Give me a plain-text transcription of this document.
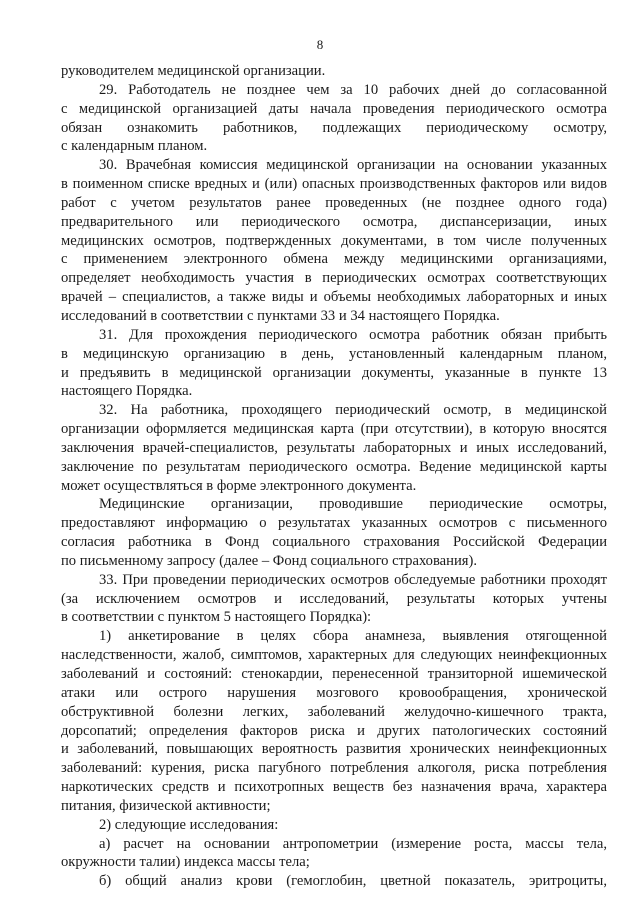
8

руководителем медицинской организации.

29. Работодатель не позднее чем за 10 рабочих дней до согласованной

с медицинской организацией даты начала проведения периодического осмотра

обязан ознакомить работников, подлежащих периодическому осмотру,

с календарным планом.

30. Врачебная комиссия медицинской организации на основании указанных

в поименном списке вредных и (или) опасных производственных факторов или видов

работ с учетом результатов ранее проведенных (не позднее одного года)

предварительного или периодического осмотра, диспансеризации, иных

медицинских осмотров, подтвержденных документами, в том числе полученных

с применением электронного обмена между медицинскими организациями,

определяет необходимость участия в периодических осмотрах соответствующих

врачей – специалистов, а также виды и объемы необходимых лабораторных и иных

исследований в соответствии с пунктами 33 и 34 настоящего Порядка.

31. Для прохождения периодического осмотра работник обязан прибыть

в медицинскую организацию в день, установленный календарным планом,

и предъявить в медицинской организации документы, указанные в пункте 13

настоящего Порядка.

32. На работника, проходящего периодический осмотр, в медицинской

организации оформляется медицинская карта (при отсутствии), в которую вносятся

заключения врачей-специалистов, результаты лабораторных и иных исследований,

заключение по результатам периодического осмотра. Ведение медицинской карты

может осуществляться в форме электронного документа.

Медицинские организации, проводившие периодические осмотры,

предоставляют информацию о результатах указанных осмотров с письменного

согласия работника в Фонд социального страхования Российской Федерации

по письменному запросу (далее – Фонд социального страхования).

33. При проведении периодических осмотров обследуемые работники проходят

(за исключением осмотров и исследований, результаты которых учтены

в соответствии с пунктом 5 настоящего Порядка):

1) анкетирование в целях сбора анамнеза, выявления отягощенной

наследственности, жалоб, симптомов, характерных для следующих неинфекционных

заболеваний и состояний: стенокардии, перенесенной транзиторной ишемической

атаки или острого нарушения мозгового кровообращения, хронической

обструктивной болезни легких, заболеваний желудочно-кишечного тракта,

дорсопатий; определения факторов риска и других патологических состояний

и заболеваний, повышающих вероятность развития хронических неинфекционных

заболеваний: курения, риска пагубного потребления алкоголя, риска потребления

наркотических средств и психотропных веществ без назначения врача, характера

питания, физической активности;

2) следующие исследования:

а) расчет на основании антропометрии (измерение роста, массы тела,

окружности талии) индекса массы тела;

б) общий анализ крови (гемоглобин, цветной показатель, эритроциты,
